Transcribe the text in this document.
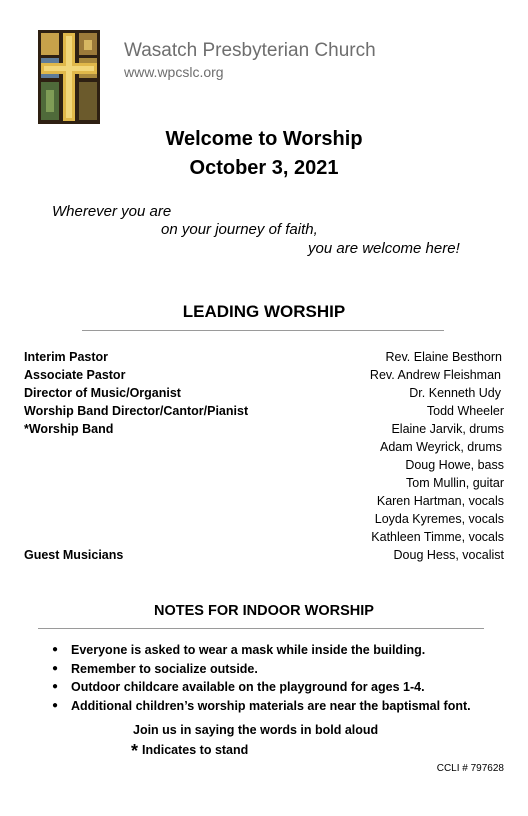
Wasatch Presbyterian Church
www.wpcslc.org
Welcome to Worship
October 3, 2021
Wherever you are
on your journey of faith,
you are welcome here!
LEADING WORSHIP
Interim Pastor	Rev. Elaine Besthorn
Associate Pastor	Rev. Andrew Fleishman
Director of Music/Organist	Dr. Kenneth Udy
Worship Band Director/Cantor/Pianist	Todd Wheeler
*Worship Band	Elaine Jarvik, drums
Adam Weyrick, drums
Doug Howe, bass
Tom Mullin, guitar
Karen Hartman, vocals
Loyda Kyremes, vocals
Kathleen Timme, vocals
Guest Musicians	Doug Hess, vocalist
NOTES FOR INDOOR WORSHIP
● Everyone is asked to wear a mask while inside the building.
● Remember to socialize outside.
● Outdoor childcare available on the playground for ages 1-4.
● Additional children’s worship materials are near the baptismal font.
Join us in saying the words in bold aloud
* Indicates to stand
CCLI # 797628
